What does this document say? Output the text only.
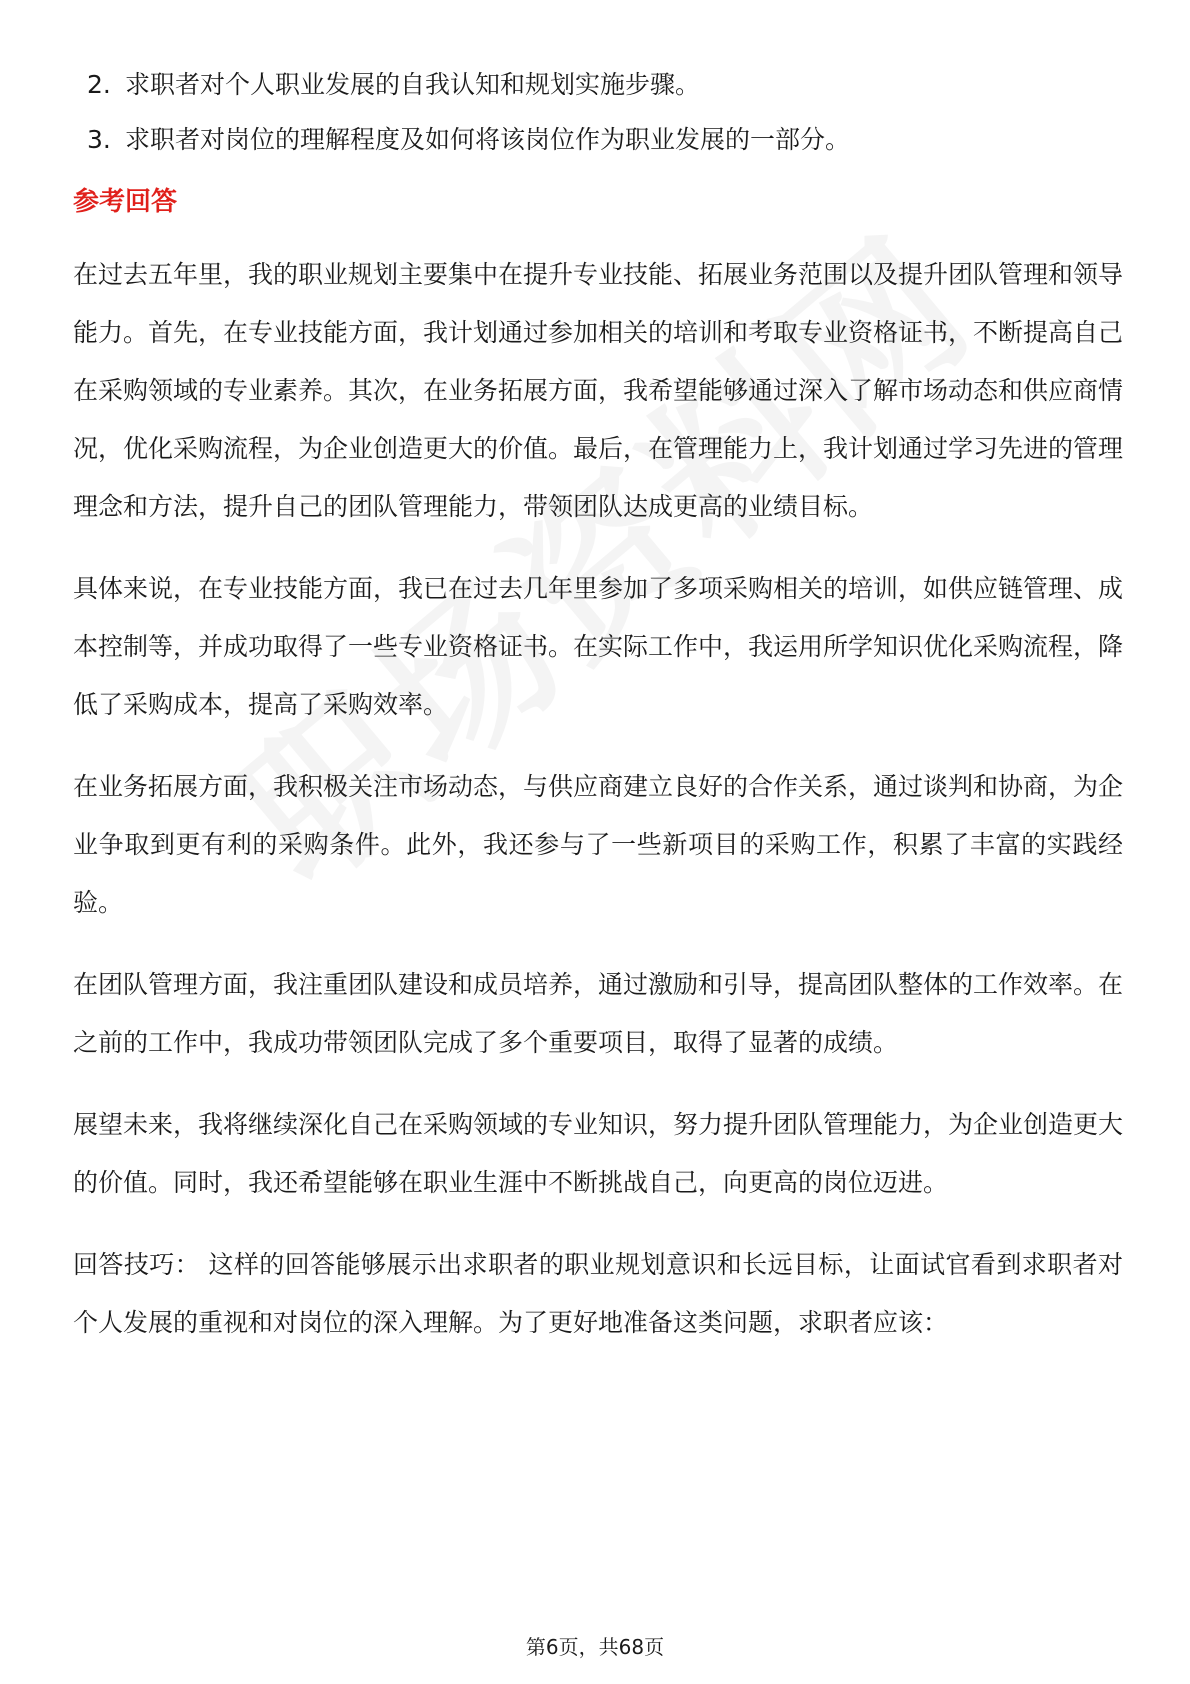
2. 求职者对个人职业发展的自我认知和规划实施步骤。
3. 求职者对岗位的理解程度及如何将该岗位作为职业发展的一部分。
参考回答

在过去五年里，我的职业规划主要集中在提升专业技能、拓展业务范围以及提升团队管理和领导能力。首先，在专业技能方面，我计划通过参加相关的培训和考取专业资格证书，不断提高自己在采购领域的专业素养。其次，在业务拓展方面，我希望能够通过深入了解市场动态和供应商情况，优化采购流程，为企业创造更大的价值。最后，在管理能力上，我计划通过学习先进的管理理念和方法，提升自己的团队管理能力，带领团队达成更高的业绩目标。

具体来说，在专业技能方面，我已在过去几年里参加了多项采购相关的培训，如供应链管理、成本控制等，并成功取得了一些专业资格证书。在实际工作中，我运用所学知识优化采购流程，降低了采购成本，提高了采购效率。

在业务拓展方面，我积极关注市场动态，与供应商建立良好的合作关系，通过谈判和协商，为企业争取到更有利的采购条件。此外，我还参与了一些新项目的采购工作，积累了丰富的实践经验。

在团队管理方面，我注重团队建设和成员培养，通过激励和引导，提高团队整体的工作效率。在之前的工作中，我成功带领团队完成了多个重要项目，取得了显著的成绩。

展望未来，我将继续深化自己在采购领域的专业知识，努力提升团队管理能力，为企业创造更大的价值。同时，我还希望能够在职业生涯中不断挑战自己，向更高的岗位迈进。

回答技巧： 这样的回答能够展示出求职者的职业规划意识和长远目标，让面试官看到求职者对个人发展的重视和对岗位的深入理解。为了更好地准备这类问题，求职者应该：

第6页，共68页
